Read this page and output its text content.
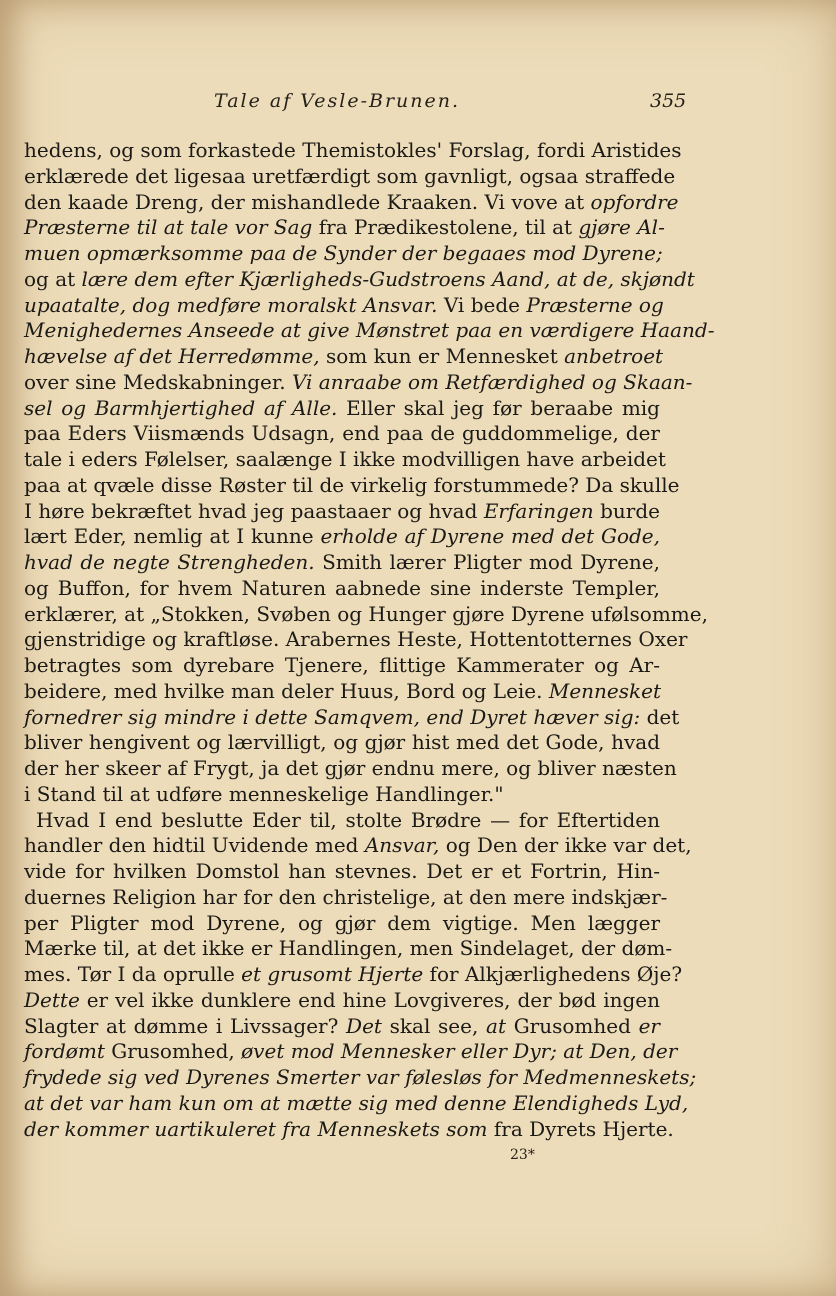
Tale af Vesle-Brunen.	355
hedens, og som forkastede Themistokles' Forslag, fordi Aristides
erklærede det ligesaa uretfærdigt som gavnligt, ogsaa straffede
den kaade Dreng, der mishandlede Kraaken. Vi vove at opfordre
Præsterne til at tale vor Sag fra Prædikestolene, til at gjøre Al-
muen opmærksomme paa de Synder der begaaes mod Dyrene;
og at lære dem efter Kjærligheds-Gudstroens Aand, at de, skjøndt
upaatalte, dog medføre moralskt Ansvar. Vi bede Præsterne og
Menighedernes Anseede at give Mønstret paa en værdigere Haand-
hævelse af det Herredømme, som kun er Mennesket anbetroet
over sine Medskabninger. Vi anraabe om Retfærdighed og Skaan-
sel og Barmhjertighed af Alle. Eller skal jeg før beraabe mig
paa Eders Viismænds Udsagn, end paa de guddommelige, der
tale i eders Følelser, saalænge I ikke modvilligen have arbeidet
paa at qvæle disse Røster til de virkelig forstummede? Da skulle
I høre bekræftet hvad jeg paastaaer og hvad Erfaringen burde
lært Eder, nemlig at I kunne erholde af Dyrene med det Gode,
hvad de negte Strengheden. Smith lærer Pligter mod Dyrene,
og Buffon, for hvem Naturen aabnede sine inderste Templer,
erklærer, at „Stokken, Svøben og Hunger gjøre Dyrene ufølsomme,
gjenstridige og kraftløse. Arabernes Heste, Hottentotternes Oxer
betragtes som dyrebare Tjenere, flittige Kammerater og Ar-
beidere, med hvilke man deler Huus, Bord og Leie. Mennesket
fornedrer sig mindre i dette Samqvem, end Dyret hæver sig: det
bliver hengivent og lærvilligt, og gjør hist med det Gode, hvad
der her skeer af Frygt, ja det gjør endnu mere, og bliver næsten
i Stand til at udføre menneskelige Handlinger."
Hvad I end beslutte Eder til, stolte Brødre — for Eftertiden
handler den hidtil Uvidende med Ansvar, og Den der ikke var det,
vide for hvilken Domstol han stevnes. Det er et Fortrin, Hin-
duernes Religion har for den christelige, at den mere indskjær-
per Pligter mod Dyrene, og gjør dem vigtige. Men lægger
Mærke til, at det ikke er Handlingen, men Sindelaget, der døm-
mes. Tør I da oprulle et grusomt Hjerte for Alkjærlighedens Øje?
Dette er vel ikke dunklere end hine Lovgiveres, der bød ingen
Slagter at dømme i Livssager? Det skal see, at Grusomhed er
fordømt Grusomhed, øvet mod Mennesker eller Dyr; at Den, der
frydede sig ved Dyrenes Smerter var følesløs for Medmenneskets;
at det var ham kun om at mætte sig med denne Elendigheds Lyd,
der kommer uartikuleret fra Menneskets som fra Dyrets Hjerte.
23*
